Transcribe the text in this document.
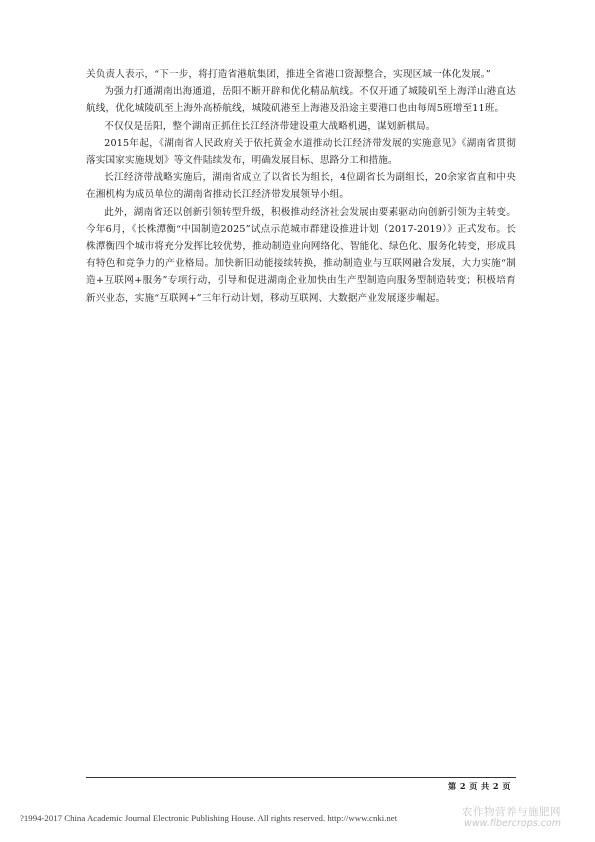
关负责人表示，“下一步，将打造省港航集团，推进全省港口资源整合，实现区域一体化发展。”

为强力打通湖南出海通道，岳阳不断开辟和优化精品航线。不仅开通了城陵矶至上海洋山港直达航线，优化城陵矶至上海外高桥航线，城陵矶港至上海港及沿途主要港口也由每周5班增至11班。

不仅仅是岳阳，整个湖南正抓住长江经济带建设重大战略机遇，谋划新棋局。

2015年起，《湖南省人民政府关于依托黄金水道推动长江经济带发展的实施意见》《湖南省贯彻落实国家实施规划》等文件陆续发布，明确发展目标、思路分工和措施。

长江经济带战略实施后，湖南省成立了以省长为组长，4位副省长为副组长，20余家省直和中央在湘机构为成员单位的湖南省推动长江经济带发展领导小组。

此外，湖南省还以创新引领转型升级，积极推动经济社会发展由要素驱动向创新引领为主转变。今年6月，《长株潭衡“中国制造2025”试点示范城市群建设推进计划（2017-2019）》正式发布。长株潭衡四个城市将充分发挥比较优势，推动制造业向网络化、智能化、绿色化、服务化转变，形成具有特色和竞争力的产业格局。加快新旧动能接续转换，推动制造业与互联网融合发展，大力实施“制造+互联网+服务”专项行动，引导和促进湖南企业加快由生产型制造向服务型制造转变；积极培育新兴业态，实施“互联网+”三年行动计划，移动互联网、大数据产业发展逐步崛起。

第 2 页 共 2 页
?1994-2017 China Academic Journal Electronic Publishing House. All rights reserved. http://www.cnki.net	农作物营养与施肥网
www.fibercrops.com
